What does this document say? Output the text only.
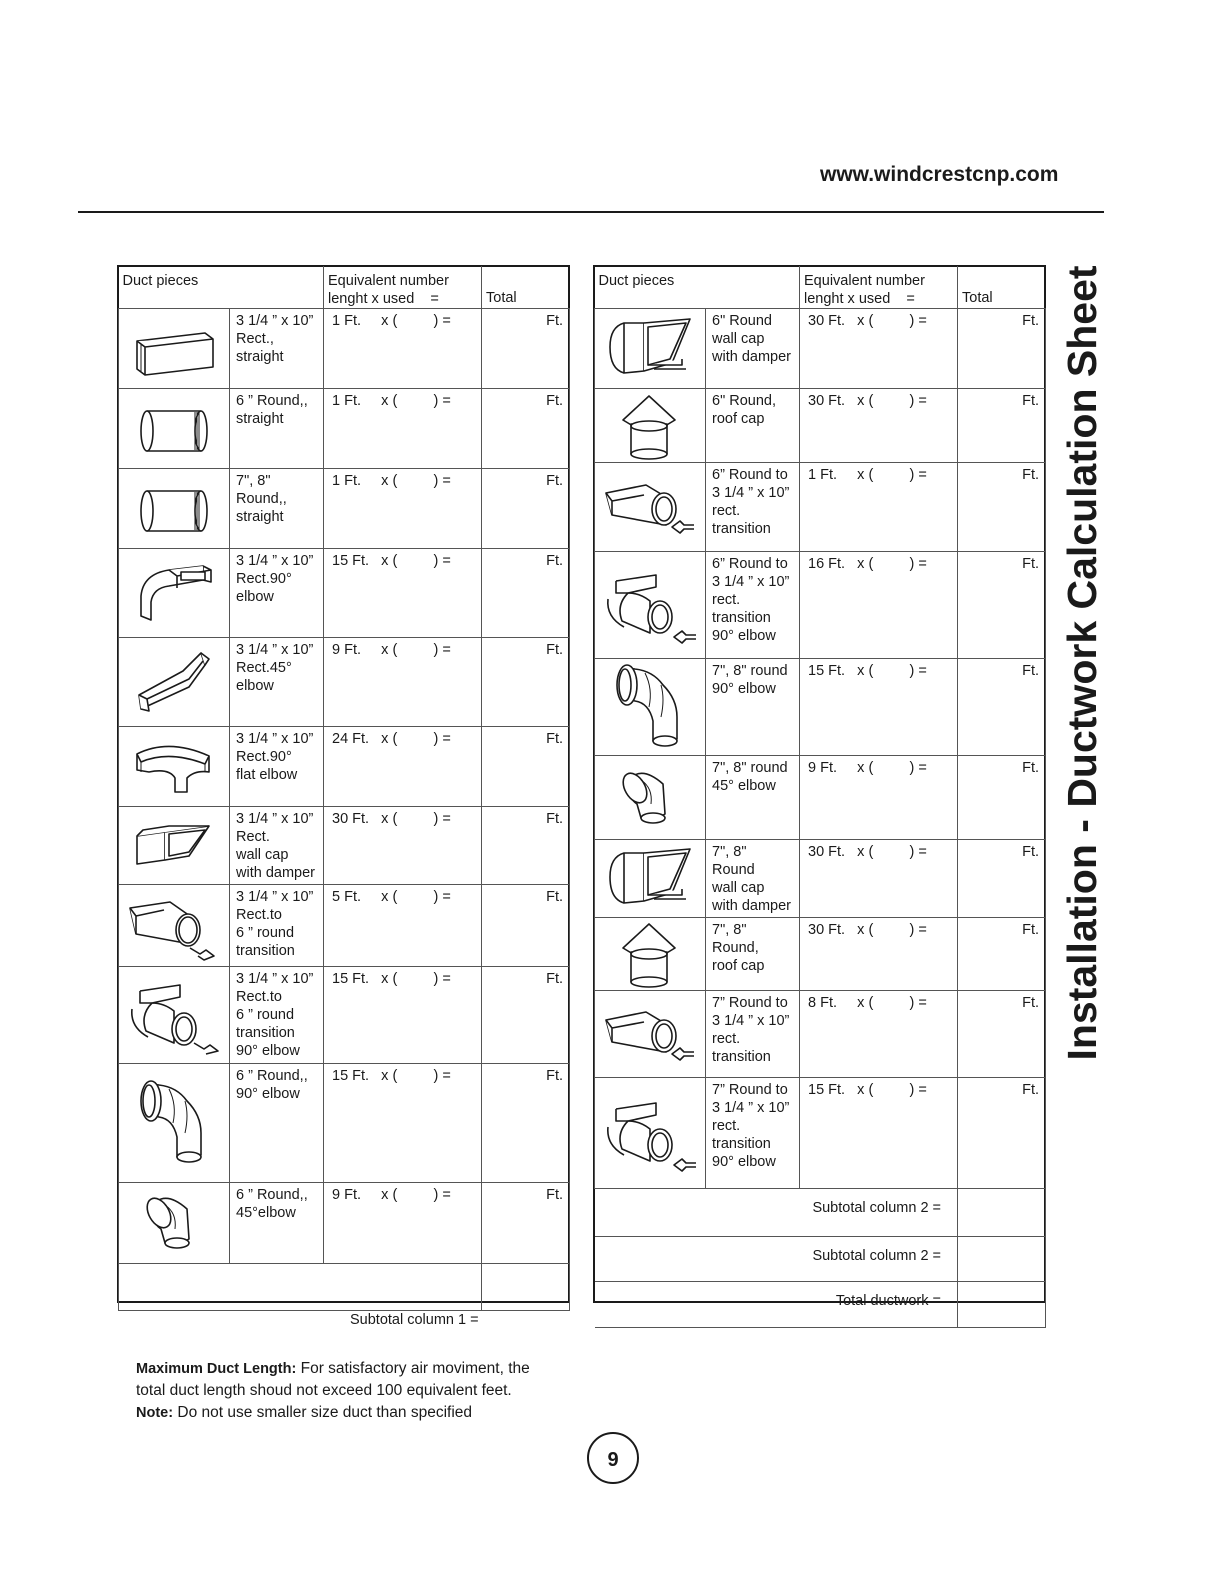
www.windcrestcnp.com
Installation - Ductwork Calculation Sheet
Duct pieces		Equivalent number
lenght x used    =	Total

	3 1/4 ” x 10”
Rect.,
straight	1 Ft.     x (         ) =	Ft.

	6 ” Round,,
straight	1 Ft.     x (         ) =	Ft.

	7", 8"
Round,,
straight	1 Ft.     x (         ) =	Ft.

	3 1/4 ” x 10”
Rect.90°
elbow	15 Ft.   x (         ) =	Ft.

	3 1/4 ” x 10”
Rect.45°
elbow	9 Ft.     x (         ) =	Ft.

	3 1/4 ” x 10”
Rect.90°
flat elbow	24 Ft.   x (         ) =	Ft.

	3 1/4 ” x 10”
Rect.
wall cap
with damper	30 Ft.   x (         ) =	Ft.

	3 1/4 ” x 10”
Rect.to
6 ” round
transition	5 Ft.     x (         ) =	Ft.

	3 1/4 ” x 10”
Rect.to
6 ” round
transition
90° elbow	15 Ft.   x (         ) =	Ft.

	6 ” Round,,
90° elbow	15 Ft.   x (         ) =	Ft.

	6 ” Round,,
45°elbow	9 Ft.     x (         ) =	Ft.

Duct pieces		Equivalent number
lenght x used    =	Total

	6" Round
wall cap
with damper	30 Ft.   x (         ) =	Ft.

	6" Round,
roof cap	30 Ft.   x (         ) =	Ft.

	6” Round to
3 1/4 ” x 10”
rect.
transition	1 Ft.     x (         ) =	Ft.

	6” Round to
3 1/4 ” x 10”
rect.
transition
90° elbow	16 Ft.   x (         ) =	Ft.

	7", 8" round
90° elbow	15 Ft.   x (         ) =	Ft.

	7", 8" round
45° elbow	9 Ft.     x (         ) =	Ft.

	7", 8" Round
wall cap
with damper	30 Ft.   x (         ) =	Ft.

	7", 8"
Round,
roof cap	30 Ft.   x (         ) =	Ft.

	7” Round to
3 1/4 ” x 10”
rect.
transition	8 Ft.     x (         ) =	Ft.

	7” Round to
3 1/4 ” x 10”
rect.
transition
90° elbow	15 Ft.   x (         ) =	Ft.
Subtotal column 2 =			
Subtotal column 2 =			
Total ductwork =			
Subtotal column 1 =
Maximum Duct Length: For satisfactory air moviment, the total duct length shoud not exceed 100 equivalent feet.
Note: Do not use smaller size duct than specified
9
